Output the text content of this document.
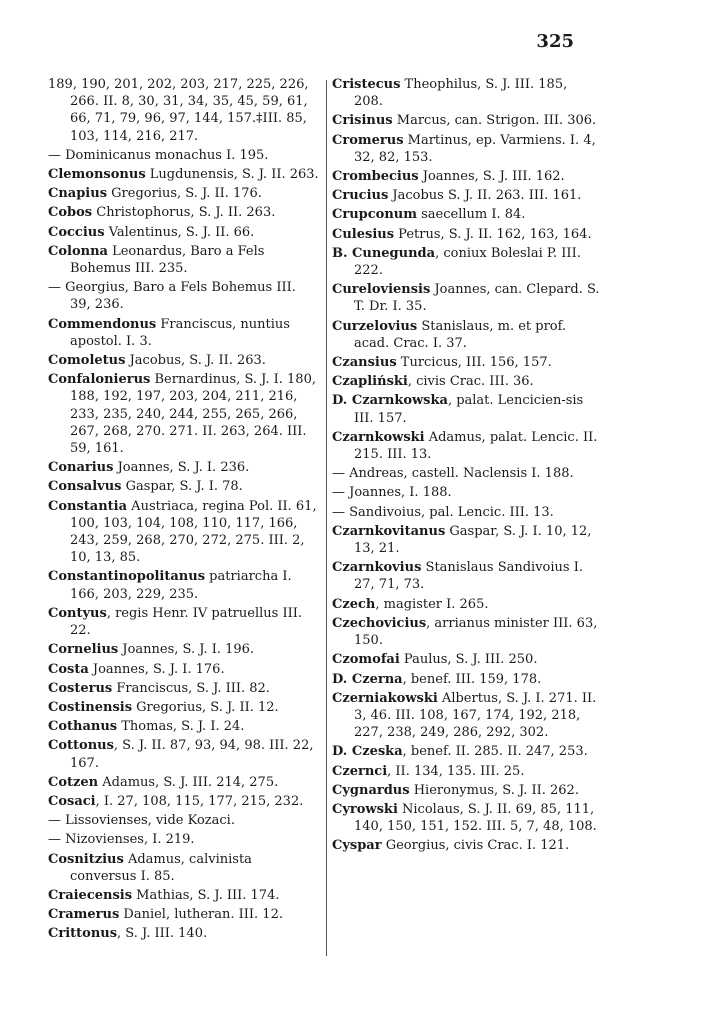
325
189, 190, 201, 202, 203, 217, 225, 226, 266. II. 8, 30, 31, 34, 35, 45, 59, 61, 66, 71, 79, 96, 97, 144, 157.‡III. 85, 103, 114, 216, 217.
— Dominicanus monachus I. 195.
Clemonsonus Lugdunensis, S. J. II. 263.
Cnapius Gregorius, S. J. II. 176.
Cobos Christophorus, S. J. II. 263.
Coccius Valentinus, S. J. II. 66.
Colonna Leonardus, Baro a Fels Bohemus III. 235.
— Georgius, Baro a Fels Bohemus III. 39, 236.
Commendonus Franciscus, nuntius apostol. I. 3.
Comoletus Jacobus, S. J. II. 263.
Confalonierus Bernardinus, S. J. I. 180, 188, 192, 197, 203, 204, 211, 216, 233, 235, 240, 244, 255, 265, 266, 267, 268, 270. 271. II. 263, 264. III. 59, 161.
Conarius Joannes, S. J. I. 236.
Consalvus Gaspar, S. J. I. 78.
Constantia Austriaca, regina Pol. II. 61, 100, 103, 104, 108, 110, 117, 166, 243, 259, 268, 270, 272, 275. III. 2, 10, 13, 85.
Constantinopolitanus patriarcha I. 166, 203, 229, 235.
Contyus, regis Henr. IV patruellus III. 22.
Cornelius Joannes, S. J. I. 196.
Costa Joannes, S. J. I. 176.
Costerus Franciscus, S. J. III. 82.
Costinensis Gregorius, S. J. II. 12.
Cothanus Thomas, S. J. I. 24.
Cottonus, S. J. II. 87, 93, 94, 98. III. 22, 167.
Cotzen Adamus, S. J. III. 214, 275.
Cosaci, I. 27, 108, 115, 177, 215, 232.
— Lissovienses, vide Kozaci.
— Nizovienses, I. 219.
Cosnitzius Adamus, calvinista conversus I. 85.
Craiecensis Mathias, S. J. III. 174.
Cramerus Daniel, lutheran. III. 12.
Crittonus, S. J. III. 140.
Cristecus Theophilus, S. J. III. 185, 208.
Crisinus Marcus, can. Strigon. III. 306.
Cromerus Martinus, ep. Varmiens. I. 4, 32, 82, 153.
Crombecius Joannes, S. J. III. 162.
Crucius Jacobus S. J. II. 263. III. 161.
Crupconum saecellum I. 84.
Culesius Petrus, S. J. II. 162, 163, 164.
B. Cunegunda, coniux Boleslai P. III. 222.
Cureloviensis Joannes, can. Clepard. S. T. Dr. I. 35.
Curzelovius Stanislaus, m. et prof. acad. Crac. I. 37.
Czansius Turcicus, III. 156, 157.
Czapliński, civis Crac. III. 36.
D. Czarnkowska, palat. Lencicien-sis III. 157.
Czarnkowski Adamus, palat. Lencic. II. 215. III. 13.
— Andreas, castell. Naclensis I. 188.
— Joannes, I. 188.
— Sandivoius, pal. Lencic. III. 13.
Czarnkovitanus Gaspar, S. J. I. 10, 12, 13, 21.
Czarnkovius Stanislaus Sandivoius I. 27, 71, 73.
Czech, magister I. 265.
Czechovicius, arrianus minister III. 63, 150.
Czomofai Paulus, S. J. III. 250.
D. Czerna, benef. III. 159, 178.
Czerniakowski Albertus, S. J. I. 271. II. 3, 46. III. 108, 167, 174, 192, 218, 227, 238, 249, 286, 292, 302.
D. Czeska, benef. II. 285. II. 247, 253.
Czernci, II. 134, 135. III. 25.
Cygnardus Hieronymus, S. J. II. 262.
Cyrowski Nicolaus, S. J. II. 69, 85, 111, 140, 150, 151, 152. III. 5, 7, 48, 108.
Cyspar Georgius, civis Crac. I. 121.
